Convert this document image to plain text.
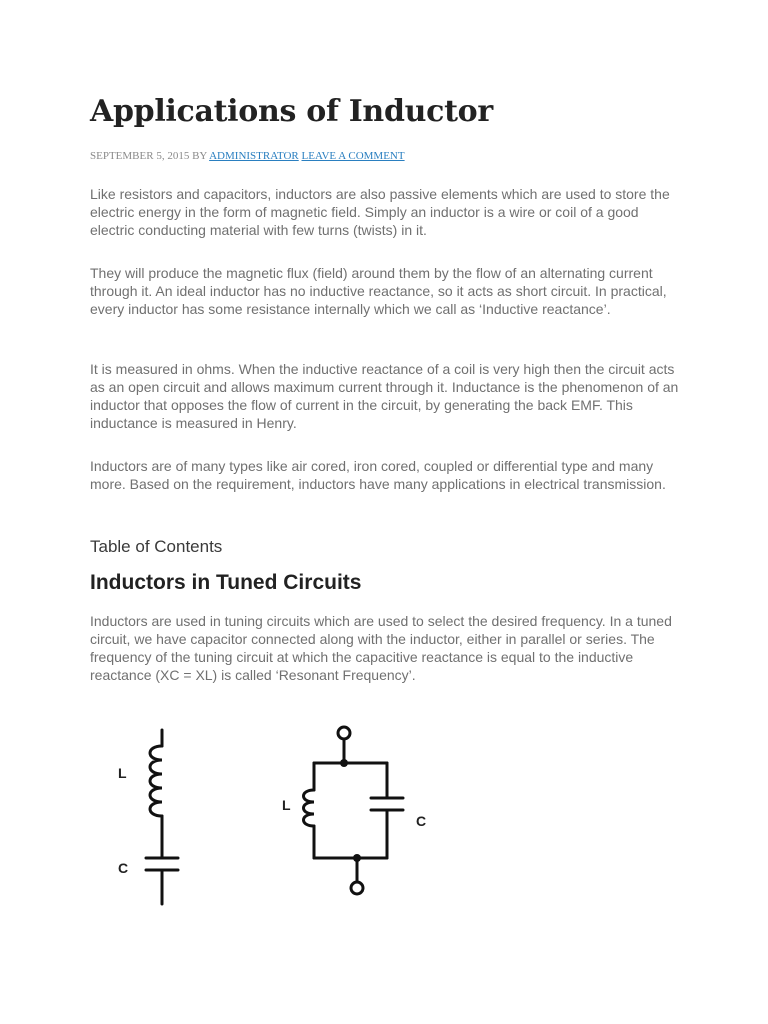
Applications of Inductor
SEPTEMBER 5, 2015 BY ADMINISTRATOR LEAVE A COMMENT

Like resistors and capacitors, inductors are also passive elements which are used to store the electric energy in the form of magnetic field. Simply an inductor is a wire or coil of a good electric conducting material with few turns (twists) in it.

They will produce the magnetic flux (field) around them by the flow of an alternating current through it. An ideal inductor has no inductive reactance, so it acts as short circuit. In practical, every inductor has some resistance internally which we call as ‘Inductive reactance’.

It is measured in ohms. When the inductive reactance of a coil is very high then the circuit acts as an open circuit and allows maximum current through it. Inductance is the phenomenon of an inductor that opposes the flow of current in the circuit, by generating the back EMF. This inductance is measured in Henry.

Inductors are of many types like air cored, iron cored, coupled or differential type and many more. Based on the requirement, inductors have many applications in electrical transmission.

Table of Contents
Inductors in Tuned Circuits

Inductors are used in tuning circuits which are used to select the desired frequency. In a tuned circuit, we have capacitor connected along with the inductor, either in parallel or series. The frequency of the tuning circuit at which the capacitive reactance is equal to the inductive reactance (XC = XL) is called ‘Resonant Frequency’.

L
C
L
C
